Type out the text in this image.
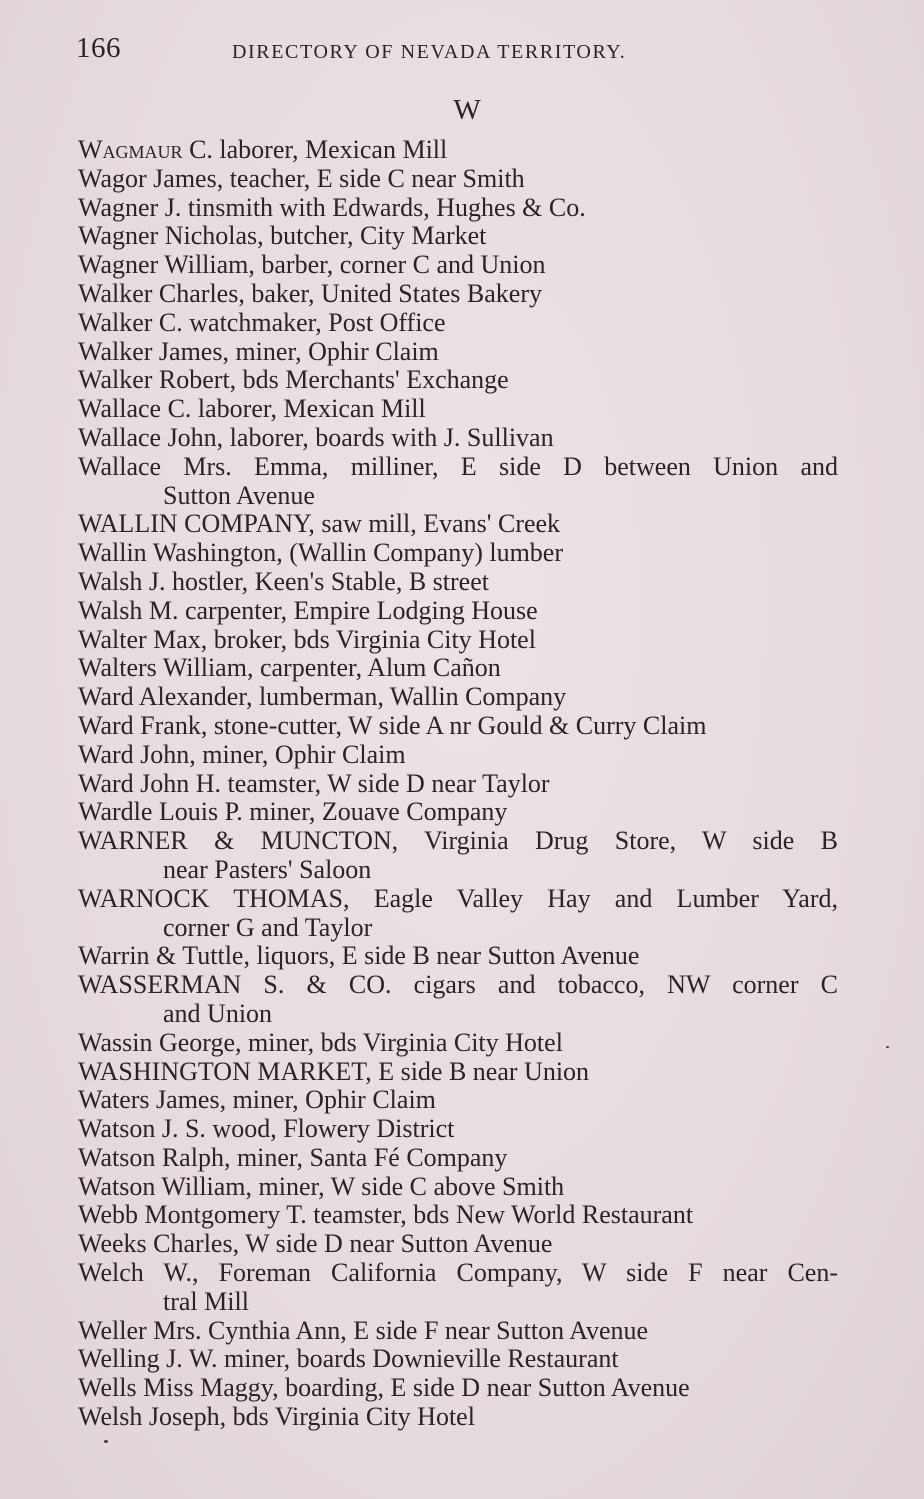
166	DIRECTORY OF NEVADA TERRITORY.
W
Wagmaur C. laborer, Mexican Mill
Wagor James, teacher, E side C near Smith
Wagner J. tinsmith with Edwards, Hughes & Co.
Wagner Nicholas, butcher, City Market
Wagner William, barber, corner C and Union
Walker Charles, baker, United States Bakery
Walker C. watchmaker, Post Office
Walker James, miner, Ophir Claim
Walker Robert, bds Merchants' Exchange
Wallace C. laborer, Mexican Mill
Wallace John, laborer, boards with J. Sullivan
Wallace Mrs. Emma, milliner, E side D between Union and
Sutton Avenue
WALLIN COMPANY, saw mill, Evans' Creek
Wallin Washington, (Wallin Company) lumber
Walsh J. hostler, Keen's Stable, B street
Walsh M. carpenter, Empire Lodging House
Walter Max, broker, bds Virginia City Hotel
Walters William, carpenter, Alum Cañon
Ward Alexander, lumberman, Wallin Company
Ward Frank, stone-cutter, W side A nr Gould & Curry Claim
Ward John, miner, Ophir Claim
Ward John H. teamster, W side D near Taylor
Wardle Louis P. miner, Zouave Company
WARNER & MUNCTON, Virginia Drug Store, W side B
near Pasters' Saloon
WARNOCK THOMAS, Eagle Valley Hay and Lumber Yard,
corner G and Taylor
Warrin & Tuttle, liquors, E side B near Sutton Avenue
WASSERMAN S. & CO. cigars and tobacco, NW corner C
and Union
Wassin George, miner, bds Virginia City Hotel
WASHINGTON MARKET, E side B near Union
Waters James, miner, Ophir Claim
Watson J. S. wood, Flowery District
Watson Ralph, miner, Santa Fé Company
Watson William, miner, W side C above Smith
Webb Montgomery T. teamster, bds New World Restaurant
Weeks Charles, W side D near Sutton Avenue
Welch W., Foreman California Company, W side F near Cen-
tral Mill
Weller Mrs. Cynthia Ann, E side F near Sutton Avenue
Welling J. W. miner, boards Downieville Restaurant
Wells Miss Maggy, boarding, E side D near Sutton Avenue
Welsh Joseph, bds Virginia City Hotel
